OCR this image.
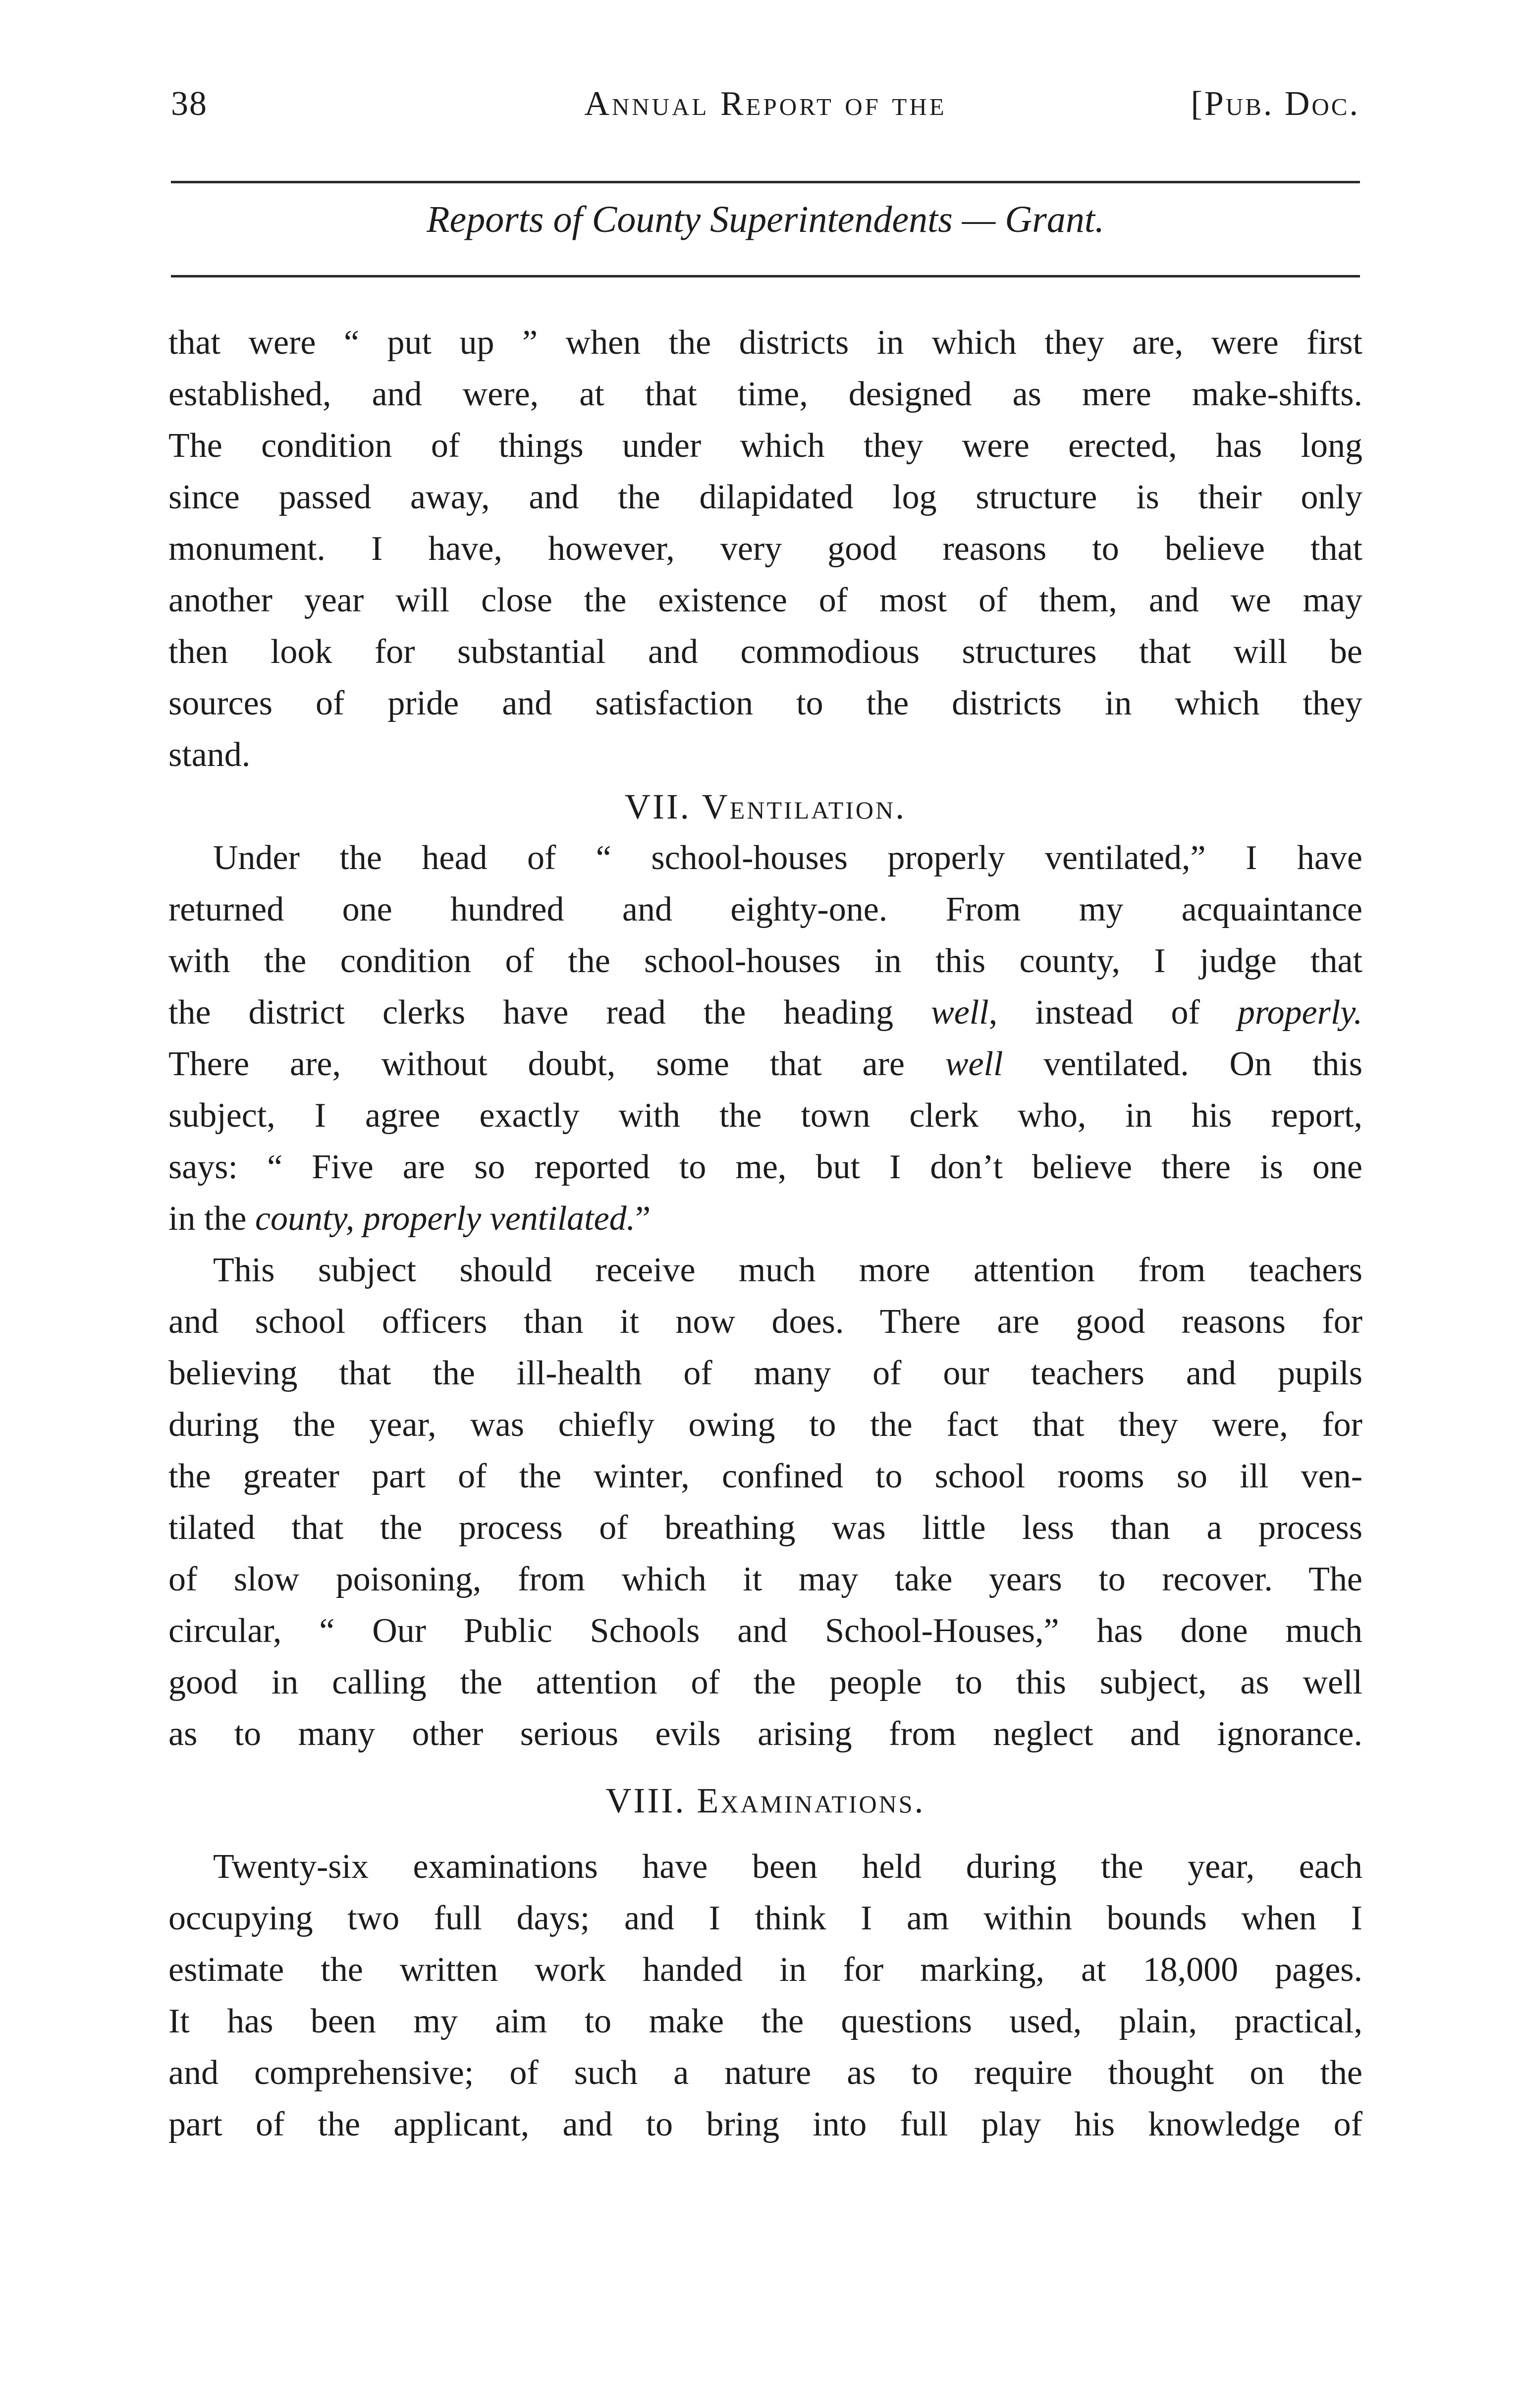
38	Annual Report of the	[Pub. Doc.
Reports of County Superintendents — Grant.

that were “ put up ” when the districts in which they are, were first

established, and were, at that time, designed as mere make-shifts.

The condition of things under which they were erected, has long

since passed away, and the dilapidated log structure is their only

monument. I have, however, very good reasons to believe that

another year will close the existence of most of them, and we may

then look for substantial and commodious structures that will be

sources of pride and satisfaction to the districts in which they

stand.

VII. Ventilation.

Under the head of “ school-houses properly ventilated,” I have

returned one hundred and eighty-one. From my acquaintance

with the condition of the school-houses in this county, I judge that

the district clerks have read the heading well, instead of properly.

There are, without doubt, some that are well ventilated. On this

subject, I agree exactly with the town clerk who, in his report,

says: “ Five are so reported to me, but I don’t believe there is one

in the county, properly ventilated.”

This subject should receive much more attention from teachers

and school officers than it now does. There are good reasons for

believing that the ill-health of many of our teachers and pupils

during the year, was chiefly owing to the fact that they were, for

the greater part of the winter, confined to school rooms so ill ven-

tilated that the process of breathing was little less than a process

of slow poisoning, from which it may take years to recover. The

circular, “ Our Public Schools and School-Houses,” has done much

good in calling the attention of the people to this subject, as well

as to many other serious evils arising from neglect and ignorance.

VIII. Examinations.

Twenty-six examinations have been held during the year, each

occupying two full days; and I think I am within bounds when I

estimate the written work handed in for marking, at 18,000 pages.

It has been my aim to make the questions used, plain, practical,

and comprehensive; of such a nature as to require thought on the

part of the applicant, and to bring into full play his knowledge of
